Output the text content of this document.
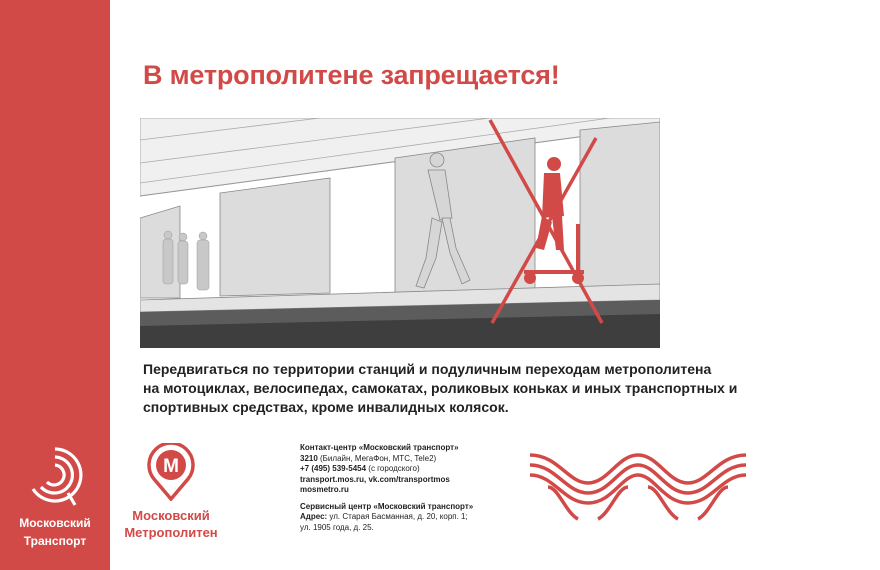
В метрополитене запрещается!
Передвигаться по территории станций и подуличным переходам метрополитена
на мотоциклах, велосипедах, самокатах, роликовых коньках и иных транспортных и
спортивных средствах, кроме инвалидных колясок.
Московский
Транспорт
М
Московский
Метрополитен
Контакт-центр «Московский транспорт»
3210 (Билайн, МегаФон, МТС, Tele2)
+7 (495) 539-5454 (с городского)
transport.mos.ru, vk.com/transportmos
mosmetro.ru
Сервисный центр «Московский транспорт»
Адрес: ул. Старая Басманная, д. 20, корп. 1;
ул. 1905 года, д. 25.
